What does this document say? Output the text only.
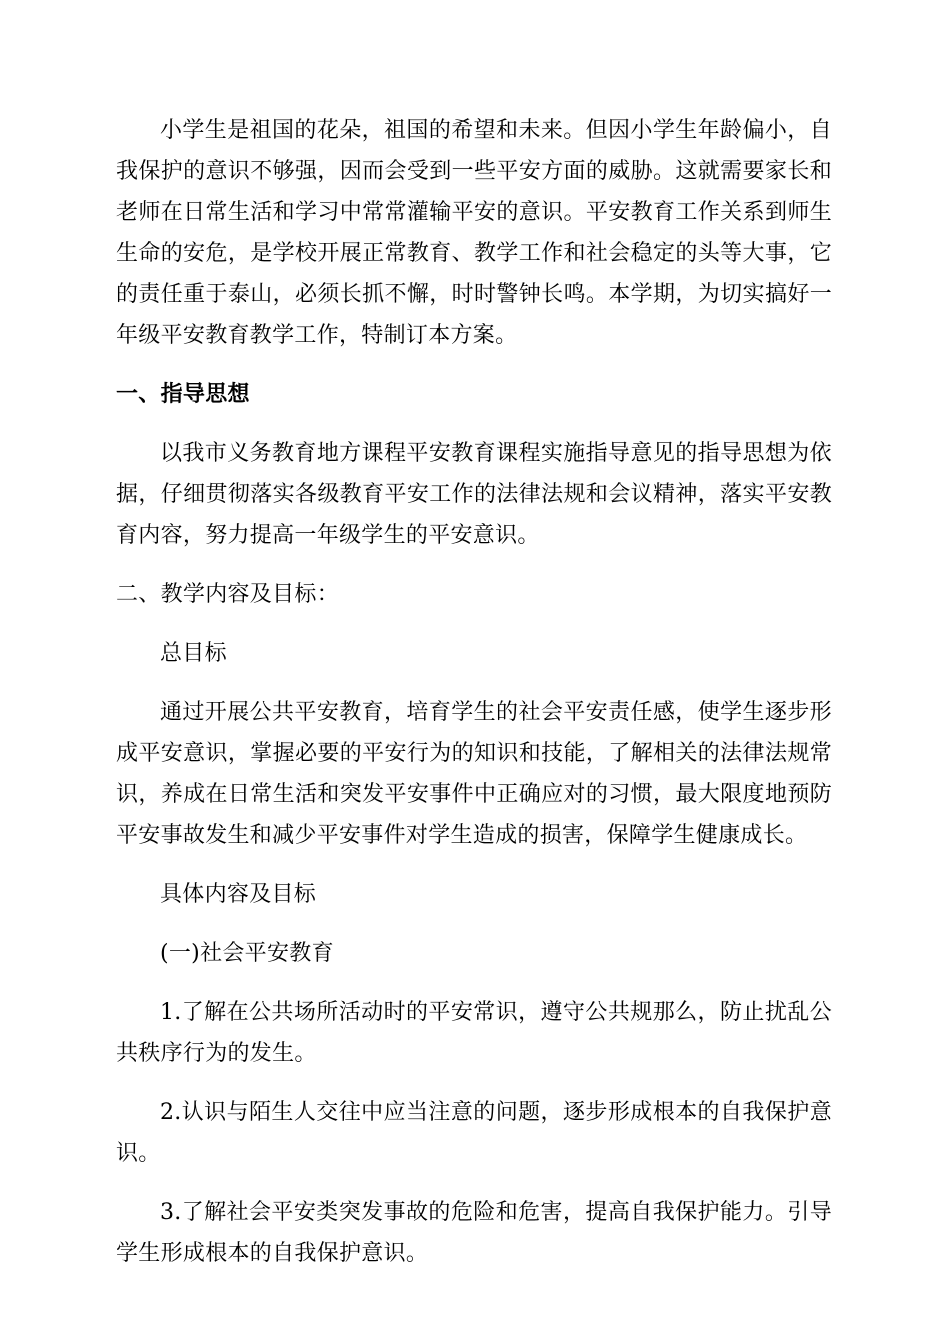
小学生是祖国的花朵，祖国的希望和未来。但因小学生年龄偏小，自我保护的意识不够强，因而会受到一些平安方面的威胁。这就需要家长和老师在日常生活和学习中常常灌输平安的意识。平安教育工作关系到师生生命的安危，是学校开展正常教育、教学工作和社会稳定的头等大事，它的责任重于泰山，必须长抓不懈，时时警钟长鸣。本学期，为切实搞好一年级平安教育教学工作，特制订本方案。

一、指导思想

以我市义务教育地方课程平安教育课程实施指导意见的指导思想为依据，仔细贯彻落实各级教育平安工作的法律法规和会议精神，落实平安教育内容，努力提高一年级学生的平安意识。

二、教学内容及目标：

总目标

通过开展公共平安教育，培育学生的社会平安责任感，使学生逐步形成平安意识，掌握必要的平安行为的知识和技能，了解相关的法律法规常识，养成在日常生活和突发平安事件中正确应对的习惯，最大限度地预防平安事故发生和减少平安事件对学生造成的损害，保障学生健康成长。

具体内容及目标

(一)社会平安教育

1.了解在公共场所活动时的平安常识，遵守公共规那么，防止扰乱公共秩序行为的发生。

2.认识与陌生人交往中应当注意的问题，逐步形成根本的自我保护意识。

3.了解社会平安类突发事故的危险和危害，提高自我保护能力。引导学生形成根本的自我保护意识。
